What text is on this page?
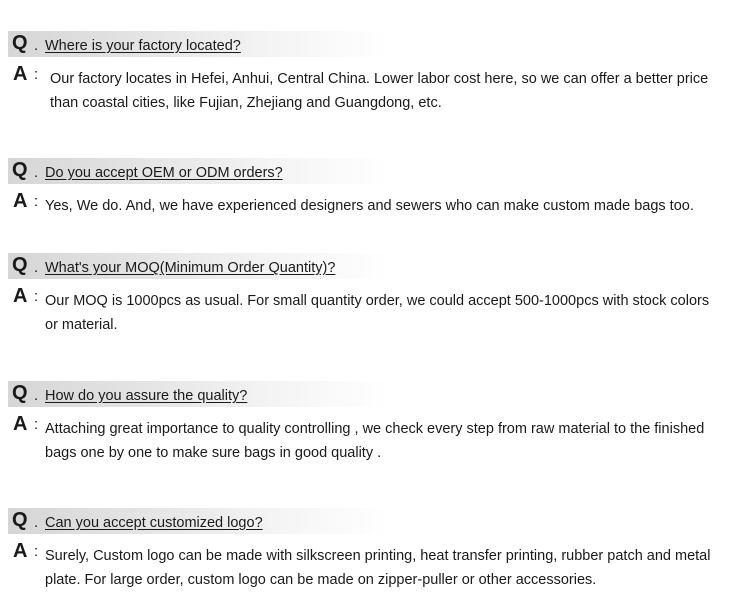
Q . Where is your factory located?
A : Our factory locates in Hefei, Anhui, Central China. Lower labor cost here, so we can offer a better price than coastal cities, like Fujian, Zhejiang and Guangdong, etc.

Q . Do you accept OEM or ODM orders?
A : Yes, We do. And, we have experienced designers and sewers who can make custom made bags too.

Q . What's your MOQ(Minimum Order Quantity)?
A : Our MOQ is 1000pcs as usual. For small quantity order, we could accept 500-1000pcs with stock colors or material.

Q . How do you assure the quality?
A : Attaching great importance to quality controlling , we check every step from raw material to the finished bags one by one to make sure bags in good quality .

Q . Can you accept customized logo?
A : Surely, Custom logo can be made with silkscreen printing, heat transfer printing, rubber patch and metal plate. For large order, custom logo can be made on zipper-puller or other accessories.
